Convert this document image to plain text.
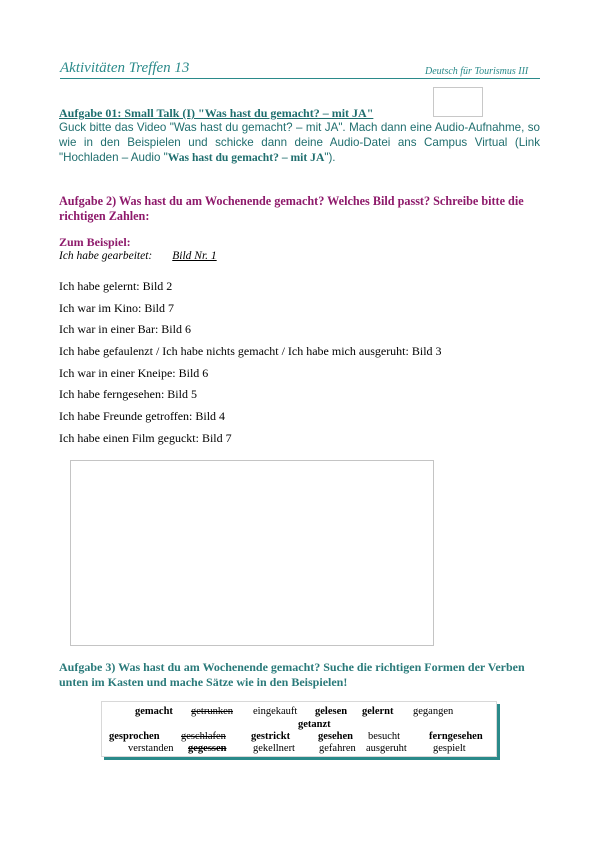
Aktivitäten Treffen 13	Deutsch für Tourismus III
Aufgabe 01: Small Talk (I) "Was hast du gemacht? – mit JA"
Guck bitte das Video "Was hast du gemacht? – mit JA". Mach dann eine Audio-Aufnahme, so wie in den Beispielen und schicke dann deine Audio-Datei ans Campus Virtual (Link "Hochladen – Audio "Was hast du gemacht? – mit JA").
Aufgabe 2) Was hast du am Wochenende gemacht? Welches Bild passt? Schreibe bitte die richtigen Zahlen:
Zum Beispiel:
Ich habe gearbeitet: Bild Nr. 1
Ich habe gelernt: Bild 2
Ich war im Kino: Bild 7
Ich war in einer Bar: Bild 6
Ich habe gefaulenzt / Ich habe nichts gemacht / Ich habe mich ausgeruht: Bild 3
Ich war in einer Kneipe: Bild 6
Ich habe ferngesehen: Bild 5
Ich habe Freunde getroffen: Bild 4
Ich habe einen Film geguckt: Bild 7
Aufgabe 3) Was hast du am Wochenende gemacht? Suche die richtigen Formen der Verben unten im Kasten und mache Sätze wie in den Beispielen!
gemacht getrunken eingekauft gelesen gelernt gegangen
getanzt
gesprochen geschlafen gestrickt	gesehen besucht	ferngesehen
verstanden gegessen	gekellnert gefahren ausgeruht gespielt
